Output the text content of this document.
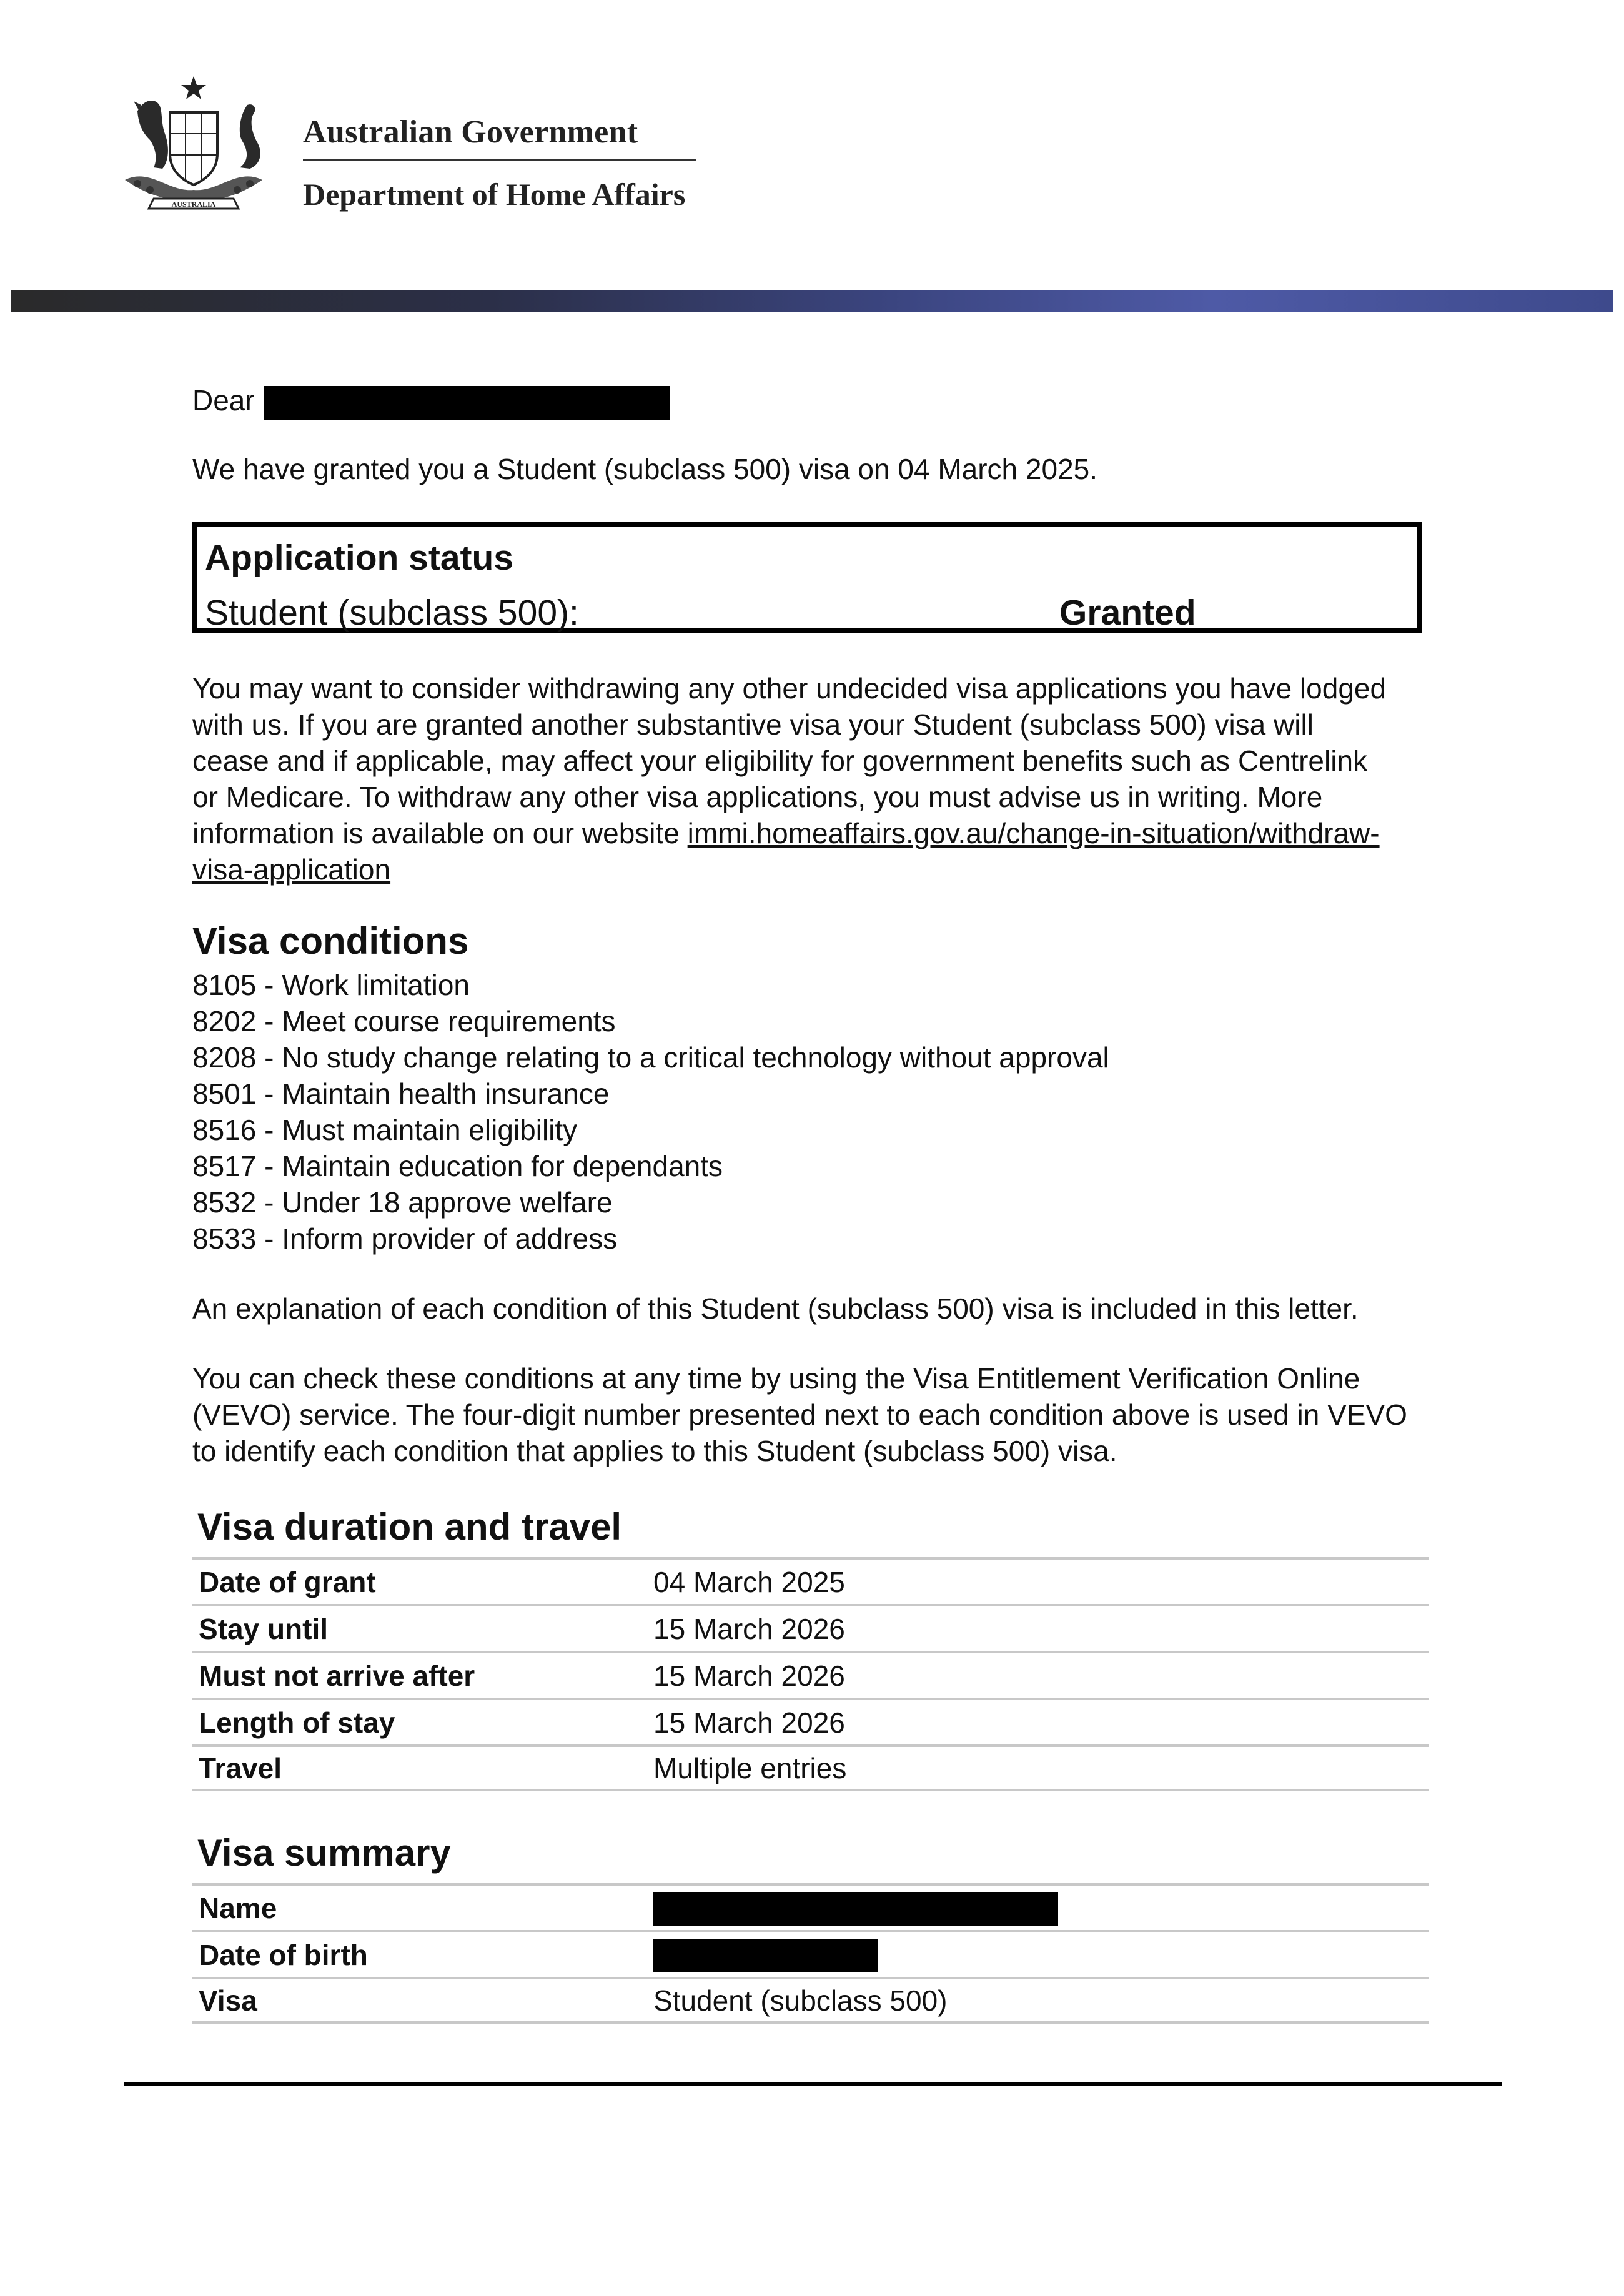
AUSTRALIA
Australian Government
Department of Home Affairs
Dear

We have granted you a Student (subclass 500) visa on 04 March 2025.

Application status
Student (subclass 500):	Granted
You may want to consider withdrawing any other undecided visa applications you have lodged with us. If you are granted another substantive visa your Student (subclass 500) visa will cease and if applicable, may affect your eligibility for government benefits such as Centrelink or Medicare. To withdraw any other visa applications, you must advise us in writing. More information is available on our website immi.homeaffairs.gov.au/change-in-situation/withdraw-visa-application
Visa conditions
8105 - Work limitation
8202 - Meet course requirements
8208 - No study change relating to a critical technology without approval
8501 - Maintain health insurance
8516 - Must maintain eligibility
8517 - Maintain education for dependants
8532 - Under 18 approve welfare
8533 - Inform provider of address

An explanation of each condition of this Student (subclass 500) visa is included in this letter.

You can check these conditions at any time by using the Visa Entitlement Verification Online (VEVO) service. The four-digit number presented next to each condition above is used in VEVO to identify each condition that applies to this Student (subclass 500) visa.

Visa duration and travel
Date of grant	04 March 2025
Stay until	15 March 2026
Must not arrive after	15 March 2026
Length of stay	15 March 2026
Travel	Multiple entries
Visa summary
Name
Date of birth
Visa	Student (subclass 500)
